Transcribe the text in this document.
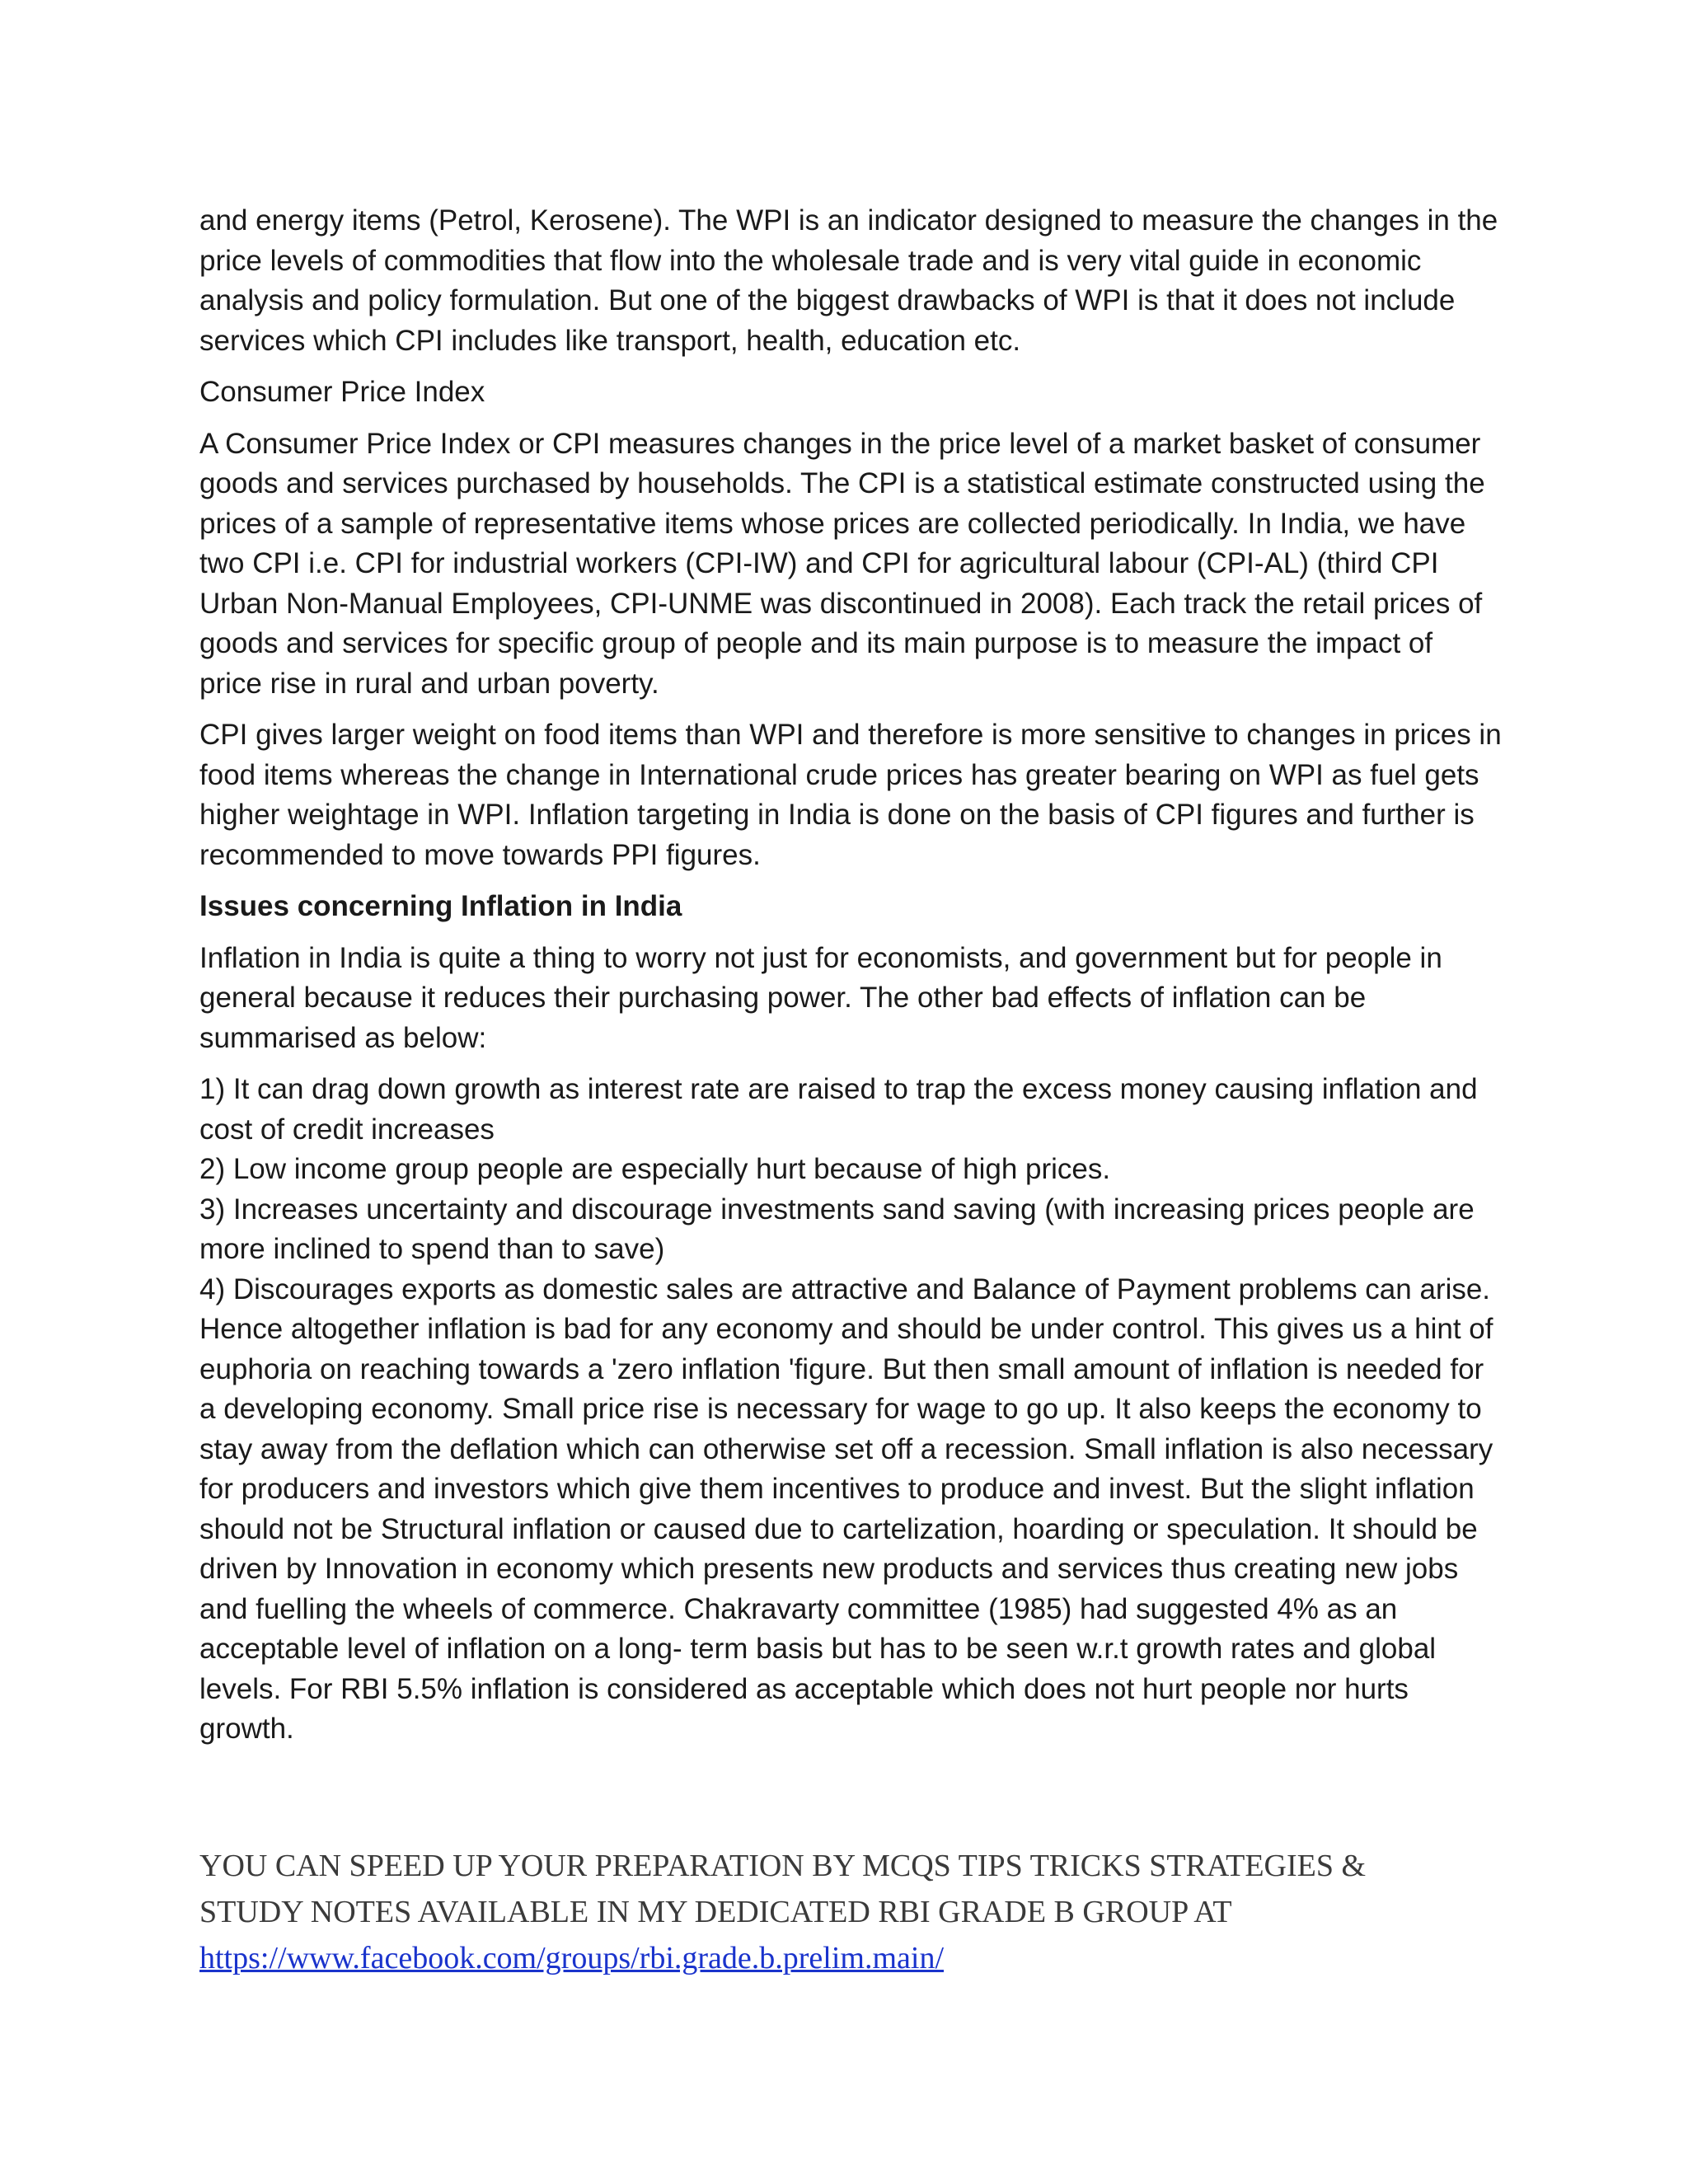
and energy items (Petrol, Kerosene). The WPI is an indicator designed to measure the changes in the price levels of commodities that flow into the wholesale trade and is very vital guide in economic analysis and policy formulation. But one of the biggest drawbacks of WPI is that it does not include services which CPI includes like transport, health, education etc.

Consumer Price Index

A Consumer Price Index or CPI measures changes in the price level of a market basket of consumer goods and services purchased by households. The CPI is a statistical estimate constructed using the prices of a sample of representative items whose prices are collected periodically. In India, we have two CPI i.e. CPI for industrial workers (CPI-IW) and CPI for agricultural labour (CPI-AL) (third CPI Urban Non-Manual Employees, CPI-UNME was discontinued in 2008). Each track the retail prices of goods and services for specific group of people and its main purpose is to measure the impact of price rise in rural and urban poverty.

CPI gives larger weight on food items than WPI and therefore is more sensitive to changes in prices in food items whereas the change in International crude prices has greater bearing on WPI as fuel gets higher weightage in WPI. Inflation targeting in India is done on the basis of CPI figures and further is recommended to move towards PPI figures.

Issues concerning Inflation in India

Inflation in India is quite a thing to worry not just for economists, and government but for people in general because it reduces their purchasing power. The other bad effects of inflation can be summarised as below:

1) It can drag down growth as interest rate are raised to trap the excess money causing inflation and cost of credit increases
2) Low income group people are especially hurt because of high prices.
3) Increases uncertainty and discourage investments sand saving (with increasing prices people are more inclined to spend than to save)
4) Discourages exports as domestic sales are attractive and Balance of Payment problems can arise.
Hence altogether inflation is bad for any economy and should be under control. This gives us a hint of euphoria on reaching towards a 'zero inflation 'figure. But then small amount of inflation is needed for a developing economy. Small price rise is necessary for wage to go up. It also keeps the economy to stay away from the deflation which can otherwise set off a recession. Small inflation is also necessary for producers and investors which give them incentives to produce and invest. But the slight inflation should not be Structural inflation or caused due to cartelization, hoarding or speculation. It should be driven by Innovation in economy which presents new products and services thus creating new jobs and fuelling the wheels of commerce. Chakravarty committee (1985) had suggested 4% as an acceptable level of inflation on a long- term basis but has to be seen w.r.t growth rates and global levels. For RBI 5.5% inflation is considered as acceptable which does not hurt people nor hurts growth.
YOU CAN SPEED UP YOUR PREPARATION BY MCQS TIPS TRICKS STRATEGIES &
STUDY NOTES AVAILABLE IN MY DEDICATED RBI GRADE B GROUP AT
https://www.facebook.com/groups/rbi.grade.b.prelim.main/
